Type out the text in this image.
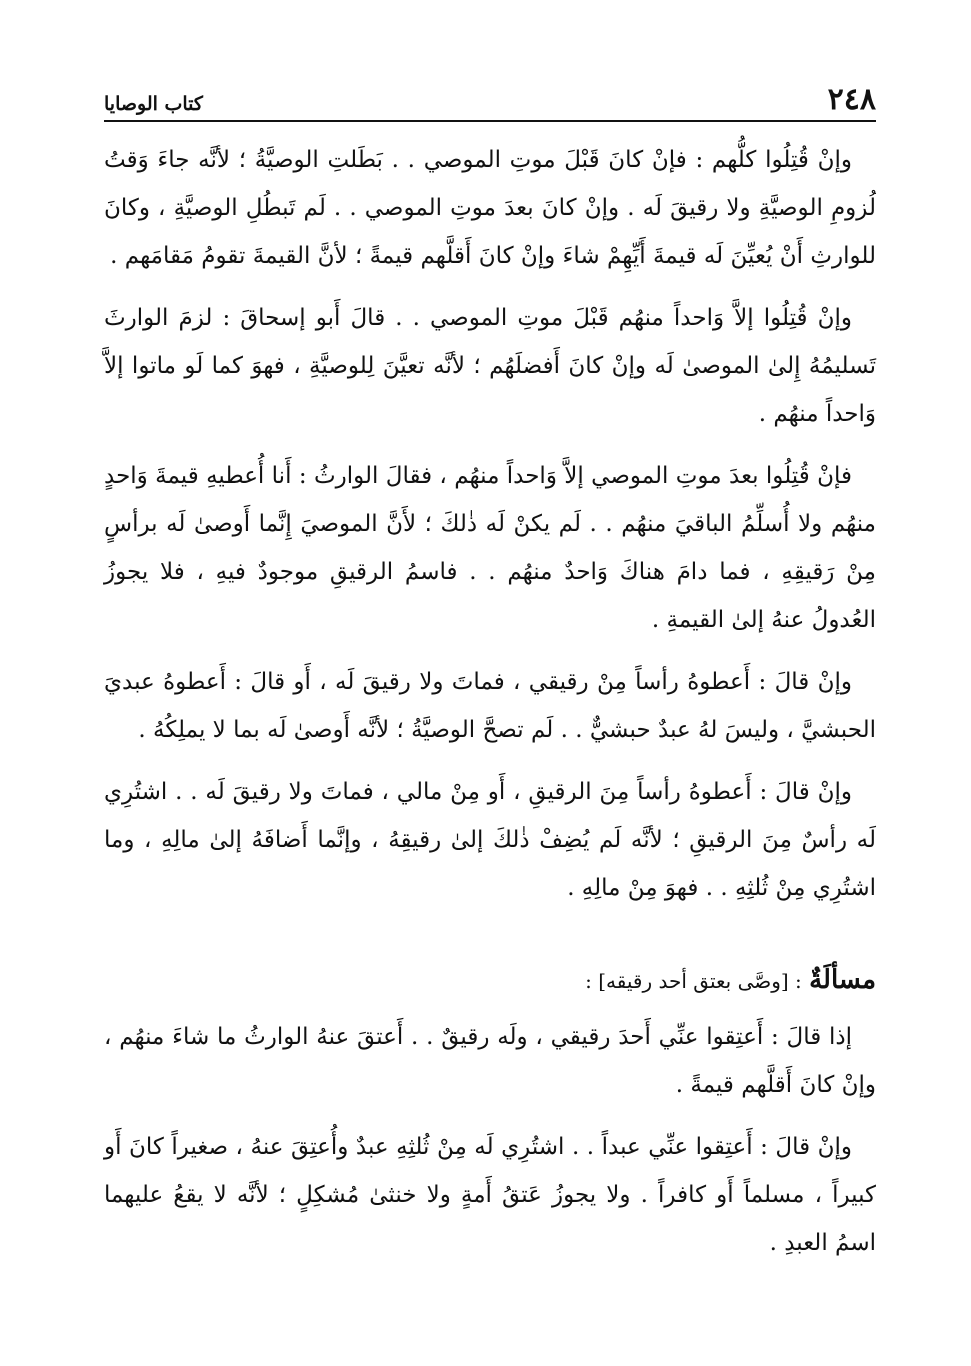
٢٤٨
كتاب الوصايا

وإنْ قُتِلُوا كلُّهم : فإنْ كانَ قَبْلَ موتِ الموصي . . بَطَلتِ الوصيَّةُ ؛ لأنَّه جاءَ وَقتُ لُزومِ الوصيَّةِ ولا رقيقَ لَه . وإنْ كانَ بعدَ موتِ الموصي . . لَم تَبطُلِ الوصيَّةِ ، وكانَ للوارثِ أَنْ يُعيِّنَ لَه قيمةَ أَيِّهِمْ شاءَ وإنْ كانَ أَقلَّهم قيمةً ؛ لأنَّ القيمةَ تقومُ مَقامَهم .

وإنْ قُتِلُوا إلاَّ وَاحداً منهُم قَبْلَ موتِ الموصي . . قالَ أَبو إسحاقَ : لزمَ الوارثَ تَسليمُهُ إِلىٰ الموصىٰ لَه وإنْ كانَ أَفضلَهُم ؛ لأنَّه تعيَّنَ لِلوصيَّةِ ، فهوَ كما لَو ماتوا إلاَّ وَاحداً منهُم .

فإنْ قُتِلُوا بعدَ موتِ الموصي إلاَّ وَاحداً منهُم ، فقالَ الوارثُ : أَنا أُعطيهِ قيمةَ وَاحدٍ منهُم ولا أُسلِّمُ الباقيَ منهُم . . لَم يكنْ لَه ذٰلكَ ؛ لأَنَّ الموصيَ إِنَّما أَوصىٰ لَه برأسٍ مِنْ رَقيقِهِ ، فما دامَ هناكَ وَاحدٌ منهُم . . فاسمُ الرقيقِ موجودٌ فيهِ ، فلا يجوزُ العُدولُ عنهُ إلىٰ القيمةِ .

وإنْ قالَ : أَعطوهُ رأساً مِنْ رقيقي ، فماتَ ولا رقيقَ لَه ، أَو قالَ : أَعطوهُ عبديَ الحبشيَّ ، وليسَ لهُ عبدٌ حبشيٌّ . . لَم تصحَّ الوصيَّةُ ؛ لأنَّه أَوصىٰ لَه بما لا يملِكُهُ .

وإنْ قالَ : أَعطوهُ رأساً مِنَ الرقيقِ ، أَو مِنْ مالي ، فماتَ ولا رقيقَ لَه . . اشتُرِي لَه رأسٌ مِنَ الرقيقِ ؛ لأنَّه لَم يُضِفْ ذٰلكَ إلىٰ رقيقِهُ ، وإنَّما أَضافَهُ إلىٰ مالِهِ ، وما اشتُرِي مِنْ ثُلثِهِ . . فهوَ مِنْ مالِهِ .

مسألَةٌ : [وصَّى بعتق أحد رقيقه] :

إذا قالَ : أَعتِقوا عنِّي أَحدَ رقيقي ، ولَه رقيقٌ . . أَعتقَ عنهُ الوارثُ ما شاءَ منهُم ، وإنْ كانَ أَقلَّهم قيمةً .

وإنْ قالَ : أَعتِقوا عنِّي عبداً . . اشتُرِي لَه مِنْ ثُلثِهِ عبدٌ وأُعتِقَ عنهُ ، صغيراً كانَ أَو كبيراً ، مسلماً أَو كافراً . ولا يجوزُ عَتقُ أَمةٍ ولا خنثىٰ مُشكِلٍ ؛ لأنَّه لا يقعُ عليهما اسمُ العبدِ .
